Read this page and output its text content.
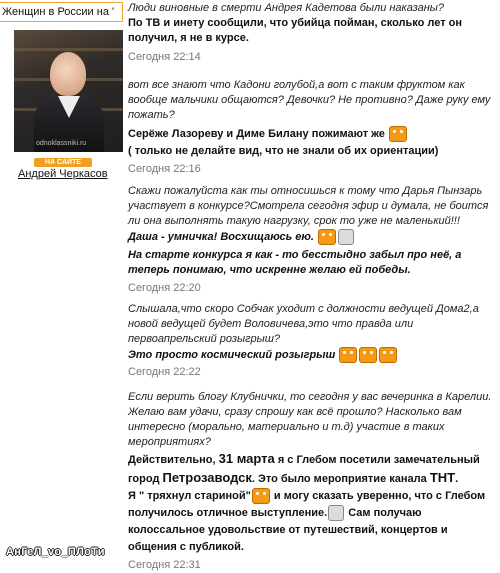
Женщин в России на '
odnoklassniki.ru
НА САЙТЕ
Андрей Черкасов
АнГеЛ_vo_ПЛоТи
Люди виновные в смерти Андрея Кадетова были наказаны?
По ТВ и инету сообщили, что убийца пойман, сколько лет он получил, я не в курсе.
Сегодня 22:14
вот все знают что Кадони голубой,а вот с таким фруктом как вообще мальчики общаются? Девочки? Не противно? Даже руку ему пожать?
Серёже Лазореву и Диме Билану пожимают же
( только не делайте вид, что не знали об их ориентации)
Сегодня 22:16
Скажи пожалуйста как ты относишься к тому что Дарья Пынзарь участвует в конкурсе?Смотрела сегодня эфир и думала, не боится ли она выполнять такую нагрузку, срок то уже не маленький!!!
Даша - умничка! Восхищаюсь ею.
На старте конкурса я как - то бесстыдно забыл про неё, а теперь понимаю, что искренне желаю ей победы.
Сегодня 22:20
Слышала,что скоро Собчак уходит с должности ведущей Дома2,а новой ведущей будет Воловичева,это что правда или первоапрельский розыгрыш?
Это просто космический розыгрыш
Сегодня 22:22
Если верить блогу Клубнички, то сегодня у вас вечеринка в Карелии. Желаю вам удачи, сразу спрошу как всё прошло? Насколько вам интересно (морально, материально и т.д) участие в таких мероприятиях?
Действительно, 31 марта я с Глебом посетили замечательный город Петрозаводск. Это было мероприятие канала ТНТ.
Я " тряхнул стариной" и могу сказать уверенно, что с Глебом получилось отличное выступление. Сам получаю колоссальное удовольствие от путешествий, концертов и общения с публикой.
Сегодня 22:31
